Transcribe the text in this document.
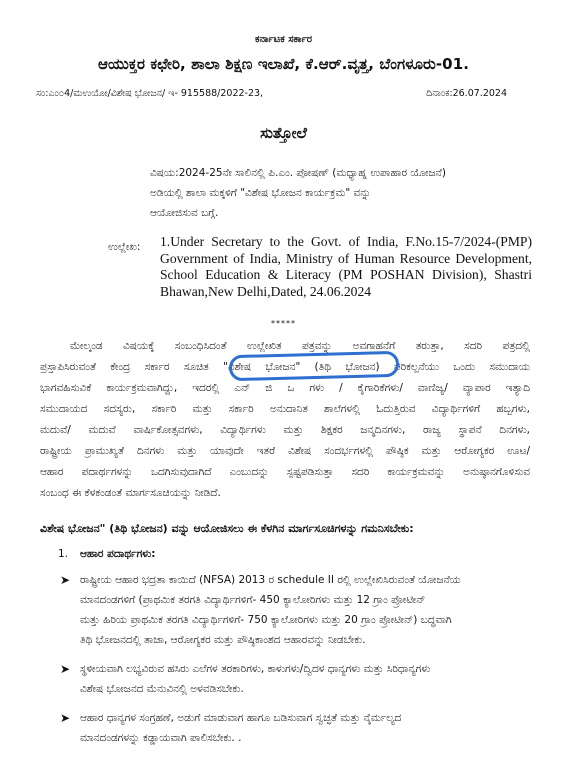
ಕರ್ನಾಟಕ ಸರ್ಕಾರ
ಆಯುಕ್ತರ ಕಛೇರಿ, ಶಾಲಾ ಶಿಕ್ಷಣ ಇಲಾಖೆ, ಕೆ.ಆರ್.ವೃತ್ತ, ಬೆಂಗಳೂರು-01.
ಸಂ:ಎಂ೦4/ಮಉಯೋ/ವಿಶೇಷ ಭೋಜನ/ ಇ- 915588/2022-23,	ದಿನಾಂಕ:26.07.2024
ಸುತ್ತೋಲೆ
ವಿಷಯ:2024-25ನೇ ಸಾಲಿನಲ್ಲಿ ಪಿ.ಎಂ. ಪೋಷಣ್ (ಮಧ್ಯಾಹ್ನ ಉಪಾಹಾರ ಯೋಜನೆ)
ಅಡಿಯಲ್ಲಿ ಶಾಲಾ ಮಕ್ಕಳಿಗೆ "ವಿಶೇಷ ಭೋಜನ ಕಾರ್ಯಕ್ರಮ" ವನ್ನು
ಆಯೋಜಿಸುವ ಬಗ್ಗೆ.
ಉಲ್ಲೇಖ: 1.Under Secretary to the Govt. of India, F.No.15-7/2024-(PMP) Government of India, Ministry of Human Resource Development, School Education & Literacy (PM POSHAN Division), Shastri Bhawan,New Delhi,Dated, 24.06.2024
*****
ಮೇಲ್ಕಂಡ ವಿಷಯಕ್ಕೆ ಸಂಬಂಧಿಸಿದಂತೆ ಉಲ್ಲೇಖಿತ ಪತ್ರವನ್ನು ಅವಗಾಹನೆಗೆ ತರುತ್ತಾ, ಸದರಿ ಪತ್ರದಲ್ಲಿ
ಪ್ರಸ್ತಾಪಿಸಿರುವಂತೆ ಕೇಂದ್ರ ಸರ್ಕಾರ ಸೂಚಿತ "ವಿಶೇಷ ಭೋಜನ" (ತಿಥಿ ಭೋಜನ) ಪರಿಕಲ್ಪನೆಯು ಒಂದು ಸಮುದಾಯ
ಭಾಗವಹಿಸುವಿಕೆ ಕಾರ್ಯಕ್ರಮವಾಗಿದ್ದು, ಇದರಲ್ಲಿ ಎನ್ ಜಿ ಒ ಗಳು / ಕೈಗಾರಿಕೆಗಳು/ ವಾಣಿಜ್ಯ/ ವ್ಯಾಪಾರ ಇತ್ಯಾದಿ
ಸಮುದಾಯದ ಸದಸ್ಯರು, ಸರ್ಕಾರಿ ಮತ್ತು ಸರ್ಕಾರಿ ಅನುದಾನಿತ ಶಾಲೆಗಳಲ್ಲಿ ಓದುತ್ತಿರುವ ವಿದ್ಯಾರ್ಥಿಗಳಿಗೆ ಹಬ್ಬಗಳು,
ಮದುವೆ/ ಮದುವೆ ವಾರ್ಷಿಕೋತ್ಸವಗಳು, ವಿದ್ಯಾರ್ಥಿಗಳು ಮತ್ತು ಶಿಕ್ಷಕರ ಜನ್ಮದಿನಗಳು, ರಾಜ್ಯ ಸ್ಥಾಪನೆ ದಿನಗಳು,
ರಾಷ್ಟ್ರೀಯ ಪ್ರಾಮುಖ್ಯತೆ ದಿನಗಳು ಮತ್ತು ಯಾವುದೇ ಇತರೆ ವಿಶೇಷ ಸಂದರ್ಭಗಳಲ್ಲಿ ಪೌಷ್ಠಿಕ ಮತ್ತು ಆರೋಗ್ಯಕರ ಊಟ/
ಆಹಾರ ಪದಾರ್ಥಗಳನ್ನು ಒದಗಿಸುವುದಾಗಿದೆ ಎಂಬುದನ್ನು ಸ್ಪಷ್ಟಪಡಿಸುತ್ತಾ ಸದರಿ ಕಾರ್ಯಕ್ರಮವನ್ನು ಅನುಷ್ಠಾನಗೊಳಿಸುವ
ಸಂಬಂಧ ಈ ಕೆಳಕಂಡಂತೆ ಮಾರ್ಗಸೂಚಿಯನ್ನು ನೀಡಿದೆ.
ವಿಶೇಷ ಭೋಜನ" (ತಿಥಿ ಭೋಜನ) ವನ್ನು ಆಯೋಜಿಸಲು ಈ ಕೆಳಗಿನ ಮಾರ್ಗಸೂಚಿಗಳನ್ನು ಗಮನಿಸಬೇಕು:
1. ಆಹಾರ ಪದಾರ್ಥಗಳು:
➤ ರಾಷ್ಟ್ರೀಯ ಆಹಾರ ಭದ್ರತಾ ಕಾಯಿದೆ (NFSA) 2013 ರ schedule II ರಲ್ಲಿ ಉಲ್ಲೇಖಿಸಿರುವಂತೆ ಯೋಜನೆಯ
ಮಾನದಂಡಗಳಿಗೆ (ಪ್ರಾಥಮಿಕ ತರಗತಿ ವಿದ್ಯಾರ್ಥಿಗಳಿಗೆ- 450 ಕ್ಯಾಲೋರಿಗಳು ಮತ್ತು 12 ಗ್ರಾಂ ಪ್ರೋಟೀನ್
ಮತ್ತು ಹಿರಿಯ ಪ್ರಾಥಮಿಕ ತರಗತಿ ವಿದ್ಯಾರ್ಥಿಗಳಿಗೆ- 750 ಕ್ಯಾಲೋರಿಗಳು ಮತ್ತು 20 ಗ್ರಾಂ ಪ್ರೋಟೀನ್) ಬದ್ಧವಾಗಿ
ತಿಥಿ ಭೋಜನದಲ್ಲಿ ತಾಜಾ, ಆರೋಗ್ಯಕರ ಮತ್ತು ಪೌಷ್ಠಿಕಾಂಶದ ಆಹಾರವನ್ನು ನೀಡಬೇಕು.
➤ ಸ್ಥಳೀಯವಾಗಿ ಲಭ್ಯವಿರುವ ಹಸಿರು ಎಲೆಗಳ ತರಕಾರಿಗಳು, ಕಾಳುಗಳು/ದ್ವಿದಳ ಧಾನ್ಯಗಳು ಮತ್ತು ಸಿರಿಧಾನ್ಯಗಳು
ವಿಶೇಷ ಭೋಜನದ ಮೆನುವಿನಲ್ಲಿ ಅಳವಡಿಸಬೇಕು.
➤ ಆಹಾರ ಧಾನ್ಯಗಳ ಸಂಗ್ರಹಣೆ, ಅಡುಗೆ ಮಾಡುವಾಗ ಹಾಗೂ ಬಡಿಸುವಾಗ ಸ್ವಚ್ಛತೆ ಮತ್ತು ನೈರ್ಮಲ್ಯದ
ಮಾನದಂಡಗಳನ್ನು ಕಡ್ಡಾಯವಾಗಿ ಪಾಲಿಸಬೇಕು. .
